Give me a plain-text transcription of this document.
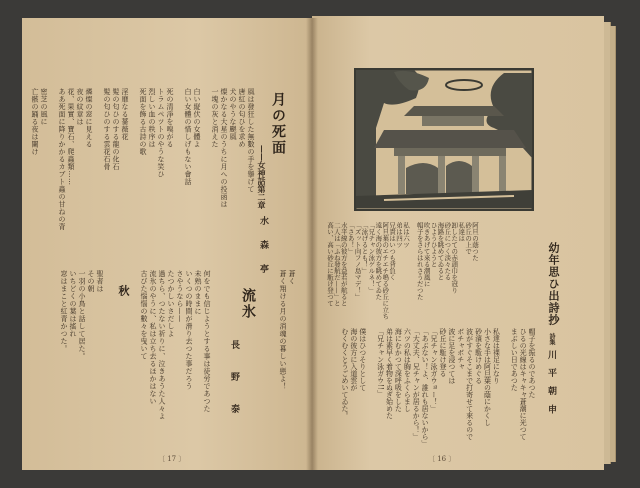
月の死面
——女神話第二章
水 森 亭
風は發狂した無數の手を擧げて
唐紅の匂ひを求め
犬のやうな颶風
燦かなる大星のうちに月への投函は
一塊の灰と消えた
白い縦伏の女體よ
白い女體の惜しげもない會話
死の清淨を嗅がる
トラムペツトのやうな笑ひ
烈しい血の秩序は
死面を飾る古詩の歌
淫靡なる薔薇花
髪の匂ひのする龍の化石
髪の匂ひのする雲花石骨
燐燦の窓に見える
夜の紋章は
花、果實、寶石、爬蟲類……
ああ死面に降りかかるカブト蟲の甘ねの背
密芝の風に
亡骸の踊る夜は闌け
蒼く
蒼く翔ける月の消魂の暮しい戀よ！
流氷
長 野 泰
何をでも信じようとする事は徒労であつた
未熟のままに
いくつの時間が滑り去つた事だろう
さやうなら——
たつかしいさだしよ
過ちら、つたない祈りに、泣きあうた人々よ
流氷のやうに、私は立ち去るほかはない
古びた惱惱の數々を曳いて
秋
聖者は
その朝
一羽の小鳥と話して居た。
いちどくの葉は搖れ
窓はまこと紅青かつた。
〔 17 〕
阿旦の蔭つた
砂丘の上で
私達は
卸したての赤頭巾を冠り
砂丘につく淡々たる
海路を眺めてゐると
ひようひようと
吹きあげて來る潮風に
帽子をさらはれさうだつた
私は六ツ
弟は四ツ
兄貴はいつも背負く
阿旦葉のエチエチ鳴る砂丘に立ち
遠く海の彼方を眺めてゐた
「兄チャン泳ゲルネ！」
「泳げるとも！」
「ズット向フノ島マデ！」
「さあ！」
水平線の彼方を益若が航ると
二人は「ふね發航だ——」と
高い、高い砂丘に駈け登つて	幼年思ひ出詩抄
詩集
川 平 朝 申
帽子を振るのであつた
ひるの光線はキャキャ蒼潮に光つて
まぶしい日であつた
私達は裸足になり
小さな手は阿旦葉の蔭にかくし
砂濱を駈けめぐる
波がすぐそこまで打寄せて來るので
ボチャボチャ
波に足を浸つては
砂丘に駈け登る
「兄チャン泳ガウョー！」
「あぶない！よ、誰れも居ないから」
「大丈夫、兄チャンが居るから！」
六ツの私は胸をふくらまし
海にむかつて深呼吸をした
弟は素早く着物をぬぎ始めた
「兄チャン泳ガウ!!」
僕はひつそりとして
海の彼方に入道雲が
むくむくとうごめいてゐた。
〔 16 〕
